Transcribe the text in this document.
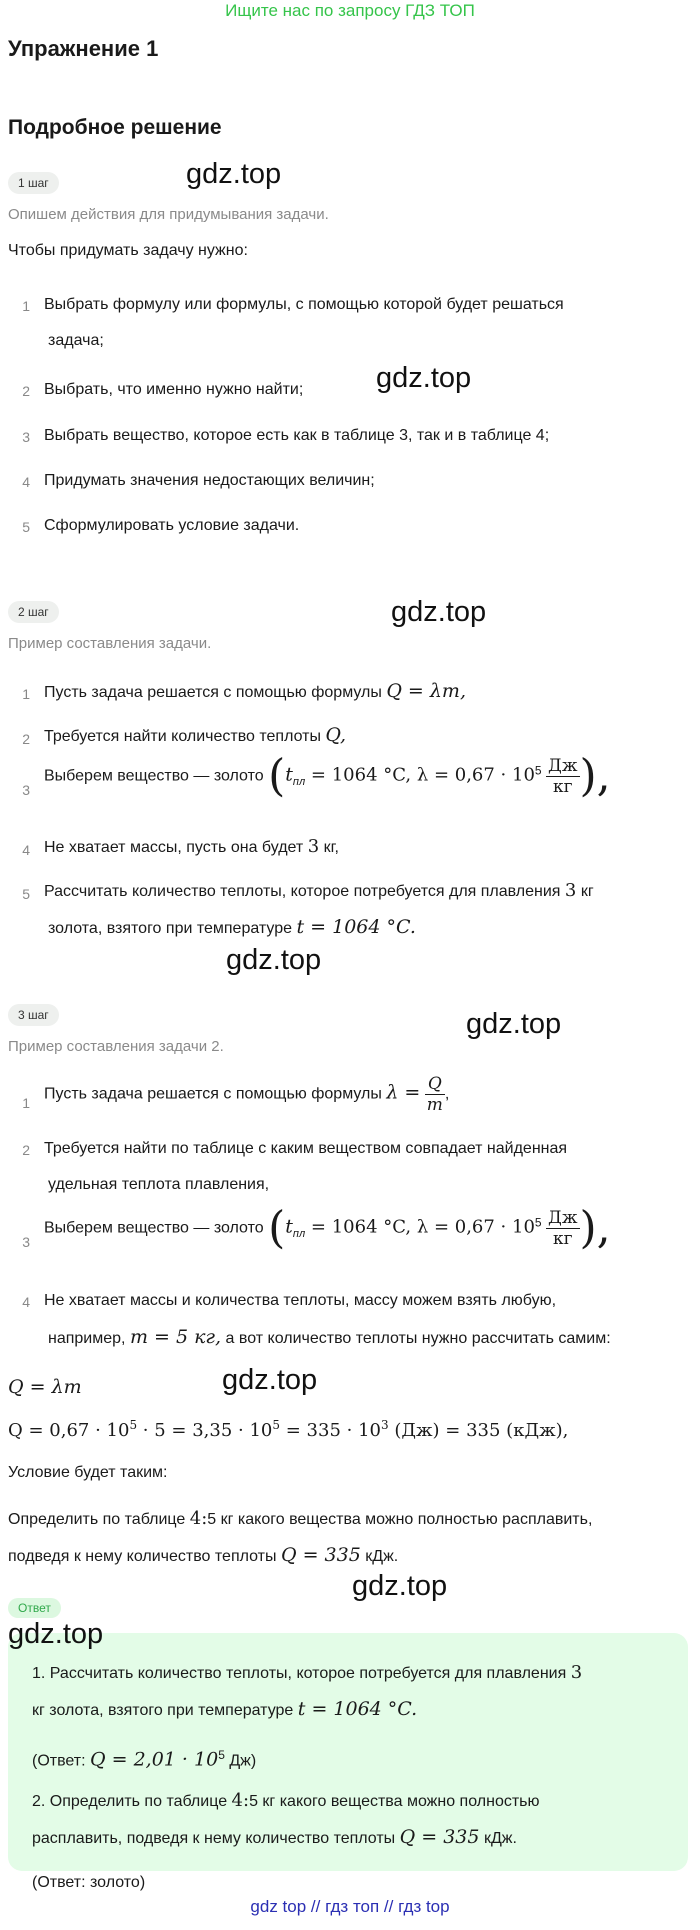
Ищите нас по запросу ГДЗ ТОП
Упражнение 1
Подробное решение
1 шаг	gdz.top
Опишем действия для придумывания задачи.
Чтобы придумать задачу нужно:
1 Выбрать формулу или формулы, с помощью которой будет решаться
задача;
2 Выбрать, что именно нужно найти;	gdz.top
3 Выбрать вещество, которое есть как в таблице 3, так и в таблице 4;
4 Придумать значения недостающих величин;
5 Сформулировать условие задачи.
2 шаг	gdz.top
Пример составления задачи.
1 Пусть задача решается с помощью формулы Q = λm,
2 Требуется найти количество теплоты Q,
3
Выберем вещество — золото ($t_{пл} = 1064$ °C, $\lambda = 0,67 \cdot 10^5 \frac{Дж}{кг}$ ),
4 Не хватает массы, пусть она будет 3 кг,
5 Рассчитать количество теплоты, которое потребуется для плавления 3 кг
золота, взятого при температуре t = 1064 °C.
gdz.top
3 шаг	gdz.top
Пример составления задачи 2.
1
Пусть задача решается с помощью формулы $\lambda = \frac{Q}{m}$ ,
2 Требуется найти по таблице с каким веществом совпадает найденная
удельная теплота плавления,
3
Выберем вещество — золото ($t_{пл} = 1064$ °C, $\lambda = 0,67 \cdot 10^5 \frac{Дж}{кг}$ ),
4 Не хватает массы и количества теплоты, массу можем взять любую,
например, m = 5 кг, а вот количество теплоты нужно рассчитать самим:
Q = λm	gdz.top
$Q = 0,67 \cdot 10^5 \cdot 5 = 3,35 \cdot 10^5 = 335 \cdot 10^3$ (Дж) = 335 (кДж),
Условие будет таким:
Определить по таблице 4:5 кг какого вещества можно полностью расплавить,
подведя к нему количество теплоты Q = 335 кДж.
gdz.top
Ответ
gdz.top
1. Рассчитать количество теплоты, которое потребуется для плавления 3
кг золота, взятого при температуре t = 1064 °C.
(Ответ: $Q = 2,01 \cdot 10^5$ Дж)
2. Определить по таблице 4:5 кг какого вещества можно полностью
расплавить, подведя к нему количество теплоты Q = 335 кДж.
(Ответ: золото)
gdz top // гдз топ // гдз top
